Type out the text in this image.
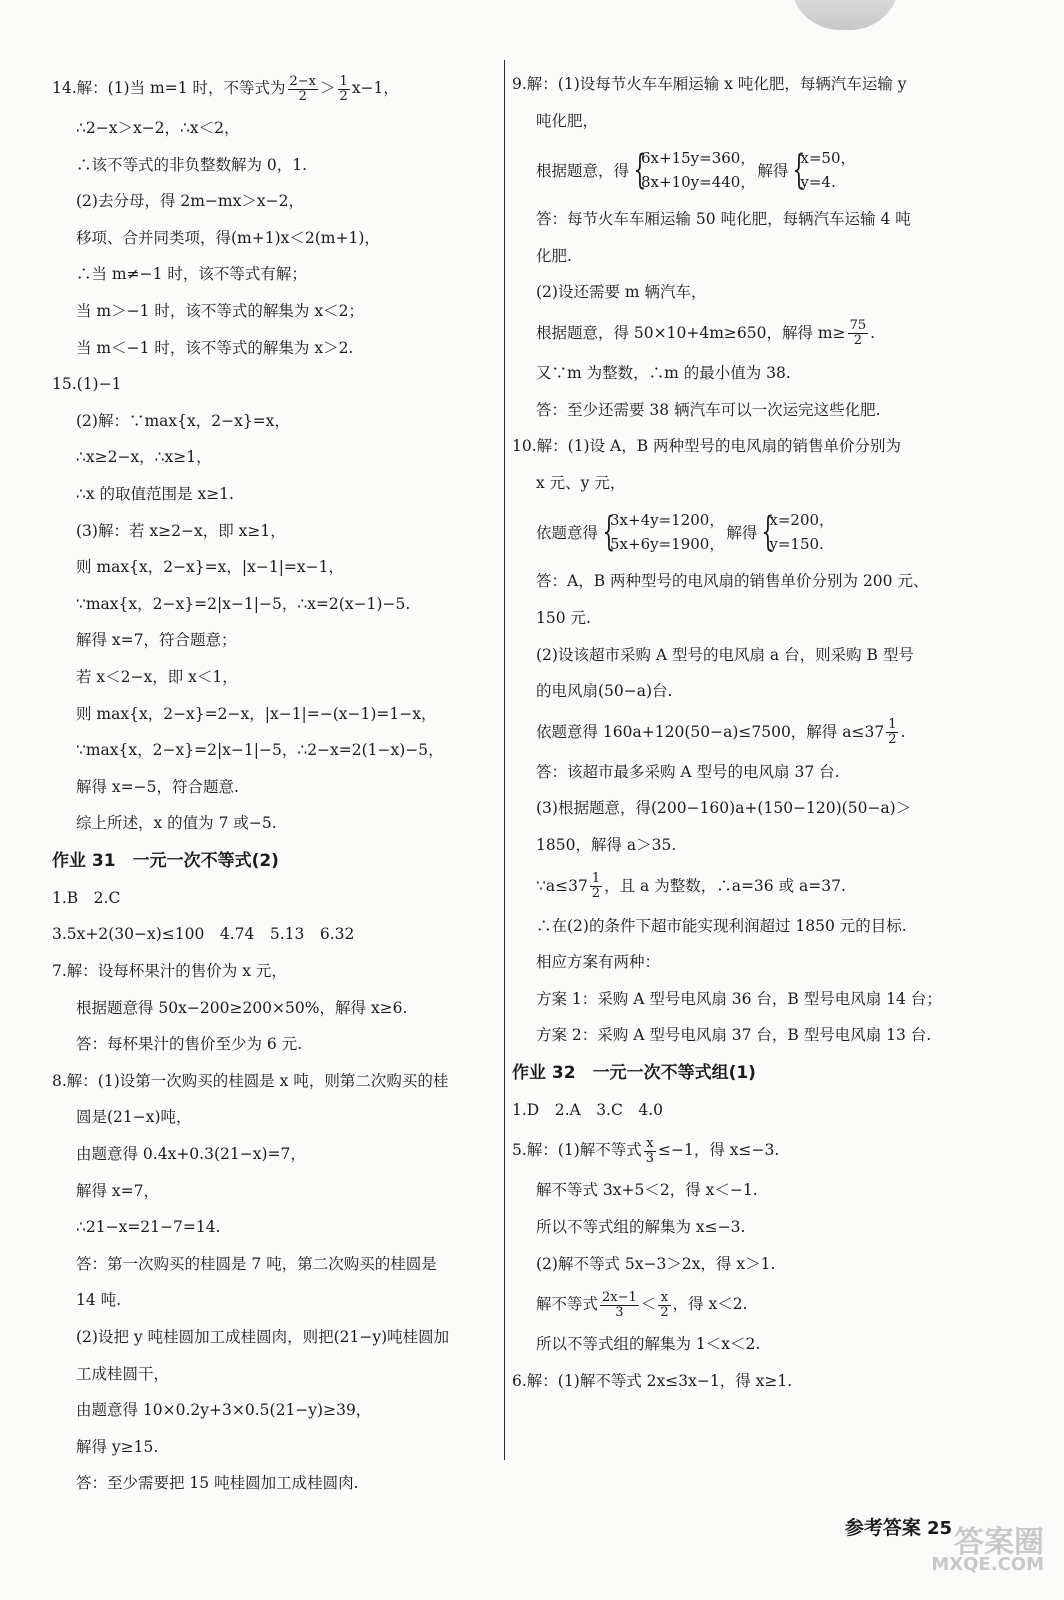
14.解：(1)当 m=1 时，不等式为 $\frac{2-x}{2} > \frac{1}{2} x-1$，
∴2−x＞x−2，∴x＜2，
∴该不等式的非负整数解为 0，1.
(2)去分母，得 2m−mx＞x−2，
移项、合并同类项，得(m+1)x＜2(m+1)，
∴当 m≠−1 时，该不等式有解；
当 m＞−1 时，该不等式的解集为 x＜2；
当 m＜−1 时，该不等式的解集为 x＞2.
15.(1)−1
(2)解：∵max{x，2−x}=x，
∴x≥2−x，∴x≥1，
∴x 的取值范围是 x≥1.
(3)解：若 x≥2−x，即 x≥1，
则 max{x，2−x}=x，|x−1|=x−1，
∵max{x，2−x}=2|x−1|−5，∴x=2(x−1)−5.
解得 x=7，符合题意；
若 x＜2−x，即 x＜1，
则 max{x，2−x}=2−x，|x−1|=−(x−1)=1−x，
∵max{x，2−x}=2|x−1|−5，∴2−x=2(1−x)−5，
解得 x=−5，符合题意.
综上所述，x 的值为 7 或−5.
作业 31　一元一次不等式(2)
1.B　2.C
3.5x+2(30−x)≤100　4.74　5.13　6.32
7.解：设每杯果汁的售价为 x 元，
根据题意得 50x−200≥200×50%，解得 x≥6.
答：每杯果汁的售价至少为 6 元.
8.解：(1)设第一次购买的桂圆是 x 吨，则第二次购买的桂
圆是(21−x)吨，
由题意得 0.4x+0.3(21−x)=7，
解得 x=7，
∴21−x=21−7=14.
答：第一次购买的桂圆是 7 吨，第二次购买的桂圆是
14 吨.
(2)设把 y 吨桂圆加工成桂圆肉，则把(21−y)吨桂圆加
工成桂圆干，
由题意得 10×0.2y+3×0.5(21−y)≥39，
解得 y≥15.
答：至少需要把 15 吨桂圆加工成桂圆肉.
9.解：(1)设每节火车车厢运输 x 吨化肥，每辆汽车运输 y
吨化肥，
根据题意，得 {
6x+15y=360，
8x+10y=440，
解得 {
x=50，
y=4.
答：每节火车车厢运输 50 吨化肥，每辆汽车运输 4 吨
化肥.
(2)设还需要 m 辆汽车，
根据题意，得 50×10+4m≥650，解得 $m\ge \frac{75}{2}$ .
又∵m 为整数，∴m 的最小值为 38.
答：至少还需要 38 辆汽车可以一次运完这些化肥.
10.解：(1)设 A，B 两种型号的电风扇的销售单价分别为
x 元、y 元，
依题意得 {
3x+4y=1200，
5x+6y=1900，
解得 {
x=200，
y=150.
答：A，B 两种型号的电风扇的销售单价分别为 200 元、
150 元.
(2)设该超市采购 A 型号的电风扇 a 台，则采购 B 型号
的电风扇(50−a)台.
依题意得 160a+120(50−a)≤7500，解得 $a\le 37 \frac{1}{2}$ .
答：该超市最多采购 A 型号的电风扇 37 台.
(3)根据题意，得(200−160)a+(150−120)(50−a)＞
1850，解得 a＞35.
∵a≤37 $\frac{1}{2}$ ，且 a 为整数，∴a=36 或 a=37.
∴在(2)的条件下超市能实现利润超过 1850 元的目标.
相应方案有两种：
方案 1：采购 A 型号电风扇 36 台，B 型号电风扇 14 台；
方案 2：采购 A 型号电风扇 37 台，B 型号电风扇 13 台.
作业 32　一元一次不等式组(1)
1.D　2.A　3.C　4.0
5.解：(1)解不等式 $\frac{x}{3} \le-1$，得 x≤−3.
解不等式 3x+5＜2，得 x＜−1.
所以不等式组的解集为 x≤−3.
(2)解不等式 5x−3＞2x，得 x＞1.
解不等式 $\frac{2x-1}{3} < \frac{x}{2}$ ，得 x＜2.
所以不等式组的解集为 1＜x＜2.
6.解：(1)解不等式 2x≤3x−1，得 x≥1.
参考答案 25 答案圈
MXQE.COM
